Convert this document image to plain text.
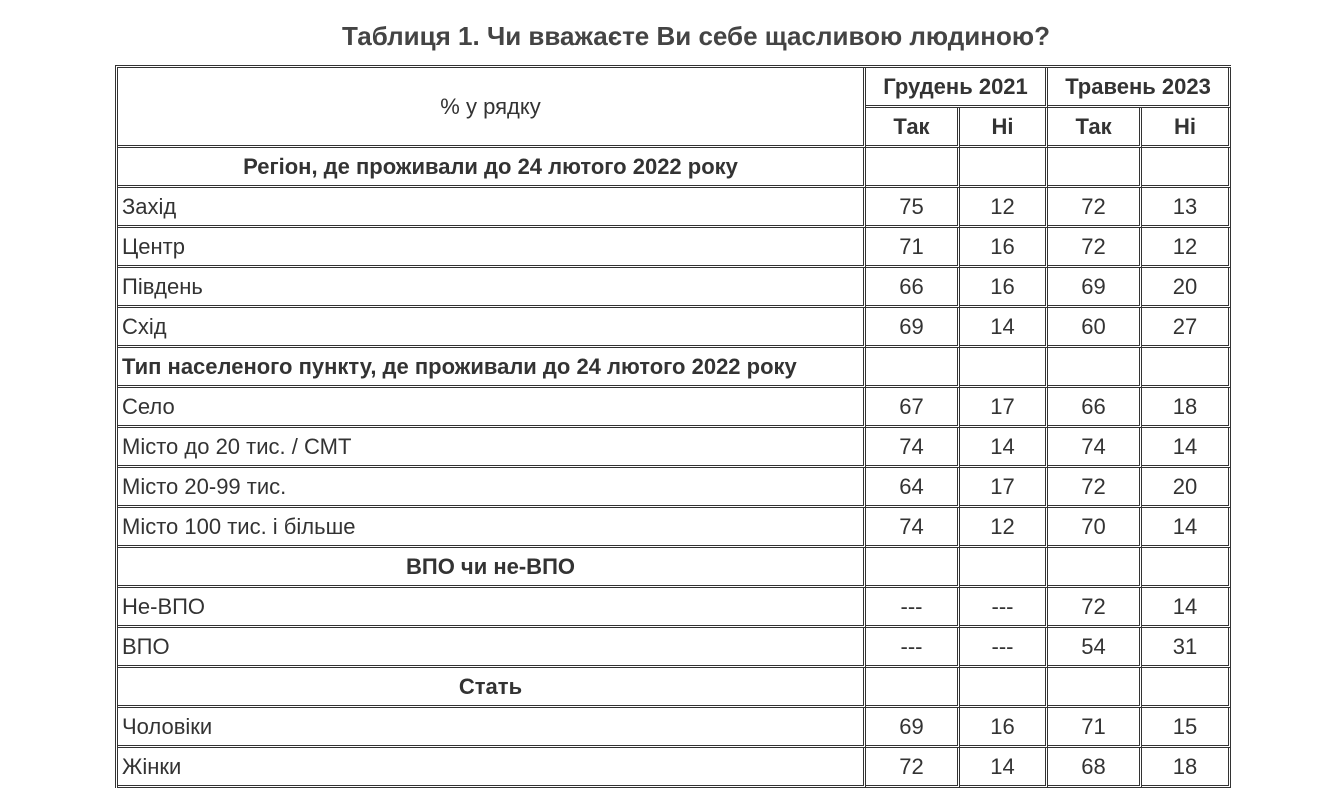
Таблиця 1. Чи вважаєте Ви себе щасливою людиною?
% у рядку	Грудень 2021		Травень 2023	
	Так	Ні	Так	Ні
Регіон, де проживали до 24 лютого 2022 року				
Захід	75	12	72	13
Центр	71	16	72	12
Південь	66	16	69	20
Схід	69	14	60	27
Тип населеного пункту, де проживали до 24 лютого 2022 року				
Село	67	17	66	18
Місто до 20 тис. / СМТ	74	14	74	14
Місто 20-99 тис.	64	17	72	20
Місто 100 тис. і більше	74	12	70	14
ВПО чи не-ВПО				
Не-ВПО	---	---	72	14
ВПО	---	---	54	31
Стать				
Чоловіки	69	16	71	15
Жінки	72	14	68	18
